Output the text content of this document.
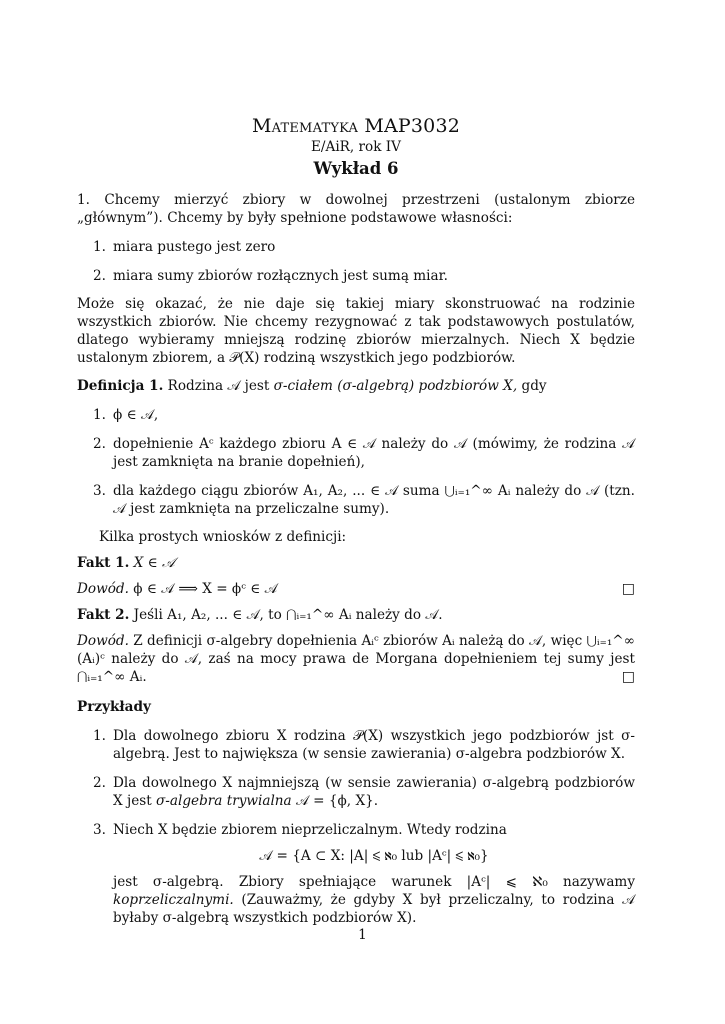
Matematyka MAP3032
E/AiR, rok IV
Wykład 6

1. Chcemy mierzyć zbiory w dowolnej przestrzeni (ustalonym zbiorze „głównym”). Chcemy by były spełnione podstawowe własności:

1. miara pustego jest zero
2. miara sumy zbiorów rozłącznych jest sumą miar.

Może się okazać, że nie daje się takiej miary skonstruować na rodzinie wszystkich zbiorów. Nie chcemy rezygnować z tak podstawowych postulatów, dlatego wybieramy mniejszą rodzinę zbiorów mierzalnych. Niech X będzie ustalonym zbiorem, a 𝒫(X) rodziną wszystkich jego podzbiorów.

Definicja 1. Rodzina 𝒜 jest σ-ciałem (σ-algebrą) podzbiorów X, gdy

1. ϕ ∈ 𝒜,
2. dopełnienie Aᶜ każdego zbioru A ∈ 𝒜 należy do 𝒜 (mówimy, że rodzina 𝒜 jest zamknięta na branie dopełnień),
3. dla każdego ciągu zbiorów A₁, A₂, ... ∈ 𝒜 suma ⋃ᵢ₌₁^∞ Aᵢ należy do 𝒜 (tzn. 𝒜 jest zamknięta na przeliczalne sumy).

Kilka prostych wniosków z definicji:

Fakt 1. X ∈ 𝒜

Dowód. ϕ ∈ 𝒜 ⟹ X = ϕᶜ ∈ 𝒜	□

Fakt 2. Jeśli A₁, A₂, ... ∈ 𝒜, to ⋂ᵢ₌₁^∞ Aᵢ należy do 𝒜.

Dowód. Z definicji σ-algebry dopełnienia Aᵢᶜ zbiorów Aᵢ należą do 𝒜, więc ⋃ᵢ₌₁^∞ (Aᵢ)ᶜ należy do 𝒜, zaś na mocy prawa de Morgana dopełnieniem tej sumy jest ⋂ᵢ₌₁^∞ Aᵢ.	□

Przykłady

1. Dla dowolnego zbioru X rodzina 𝒫(X) wszystkich jego podzbiorów jst σ-algebrą. Jest to największa (w sensie zawierania) σ-algebra podzbiorów X.
2. Dla dowolnego X najmniejszą (w sensie zawierania) σ-algebrą podzbiorów X jest σ-algebra trywialna 𝒜 = {ϕ, X}.
3. Niech X będzie zbiorem nieprzeliczalnym. Wtedy rodzina
𝒜 = {A ⊂ X: |A| ⩽ ℵ₀ lub |Aᶜ| ⩽ ℵ₀}
jest σ-algebrą. Zbiory spełniające warunek |Aᶜ| ⩽ ℵ₀ nazywamy koprzeliczalnymi. (Zauważmy, że gdyby X był przeliczalny, to rodzina 𝒜 byłaby σ-algebrą wszystkich podzbiorów X).
1
